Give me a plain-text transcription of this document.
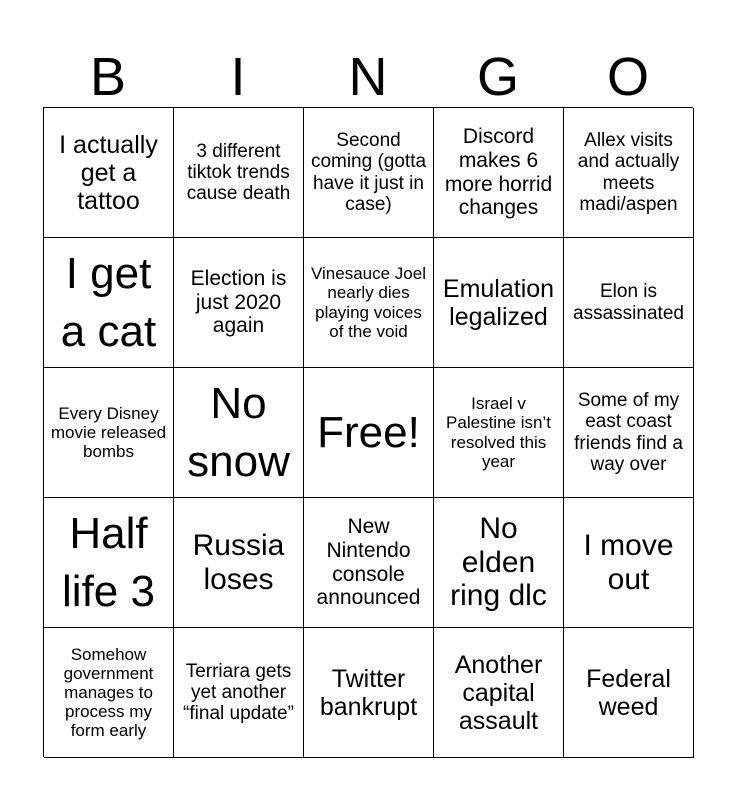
B	I	N	G	O
I actually get a tattoo
3 different tiktok trends cause death
Second coming (gotta have it just in case)
Discord makes 6 more horrid changes
Allex visits and actually meets madi/aspen
I get a cat
Election is just 2020 again
Vinesauce Joel nearly dies playing voices of the void
Emulation legalized
Elon is assassinated
Every Disney movie released bombs
No snow
Free!
Israel v Palestine isn’t resolved this year
Some of my east coast friends find a way over
Half life 3
Russia loses
New Nintendo console announced
No elden ring dlc
I move out
Somehow government manages to process my form early
Terriara gets yet another “final update”
Twitter bankrupt
Another capital assault
Federal weed
